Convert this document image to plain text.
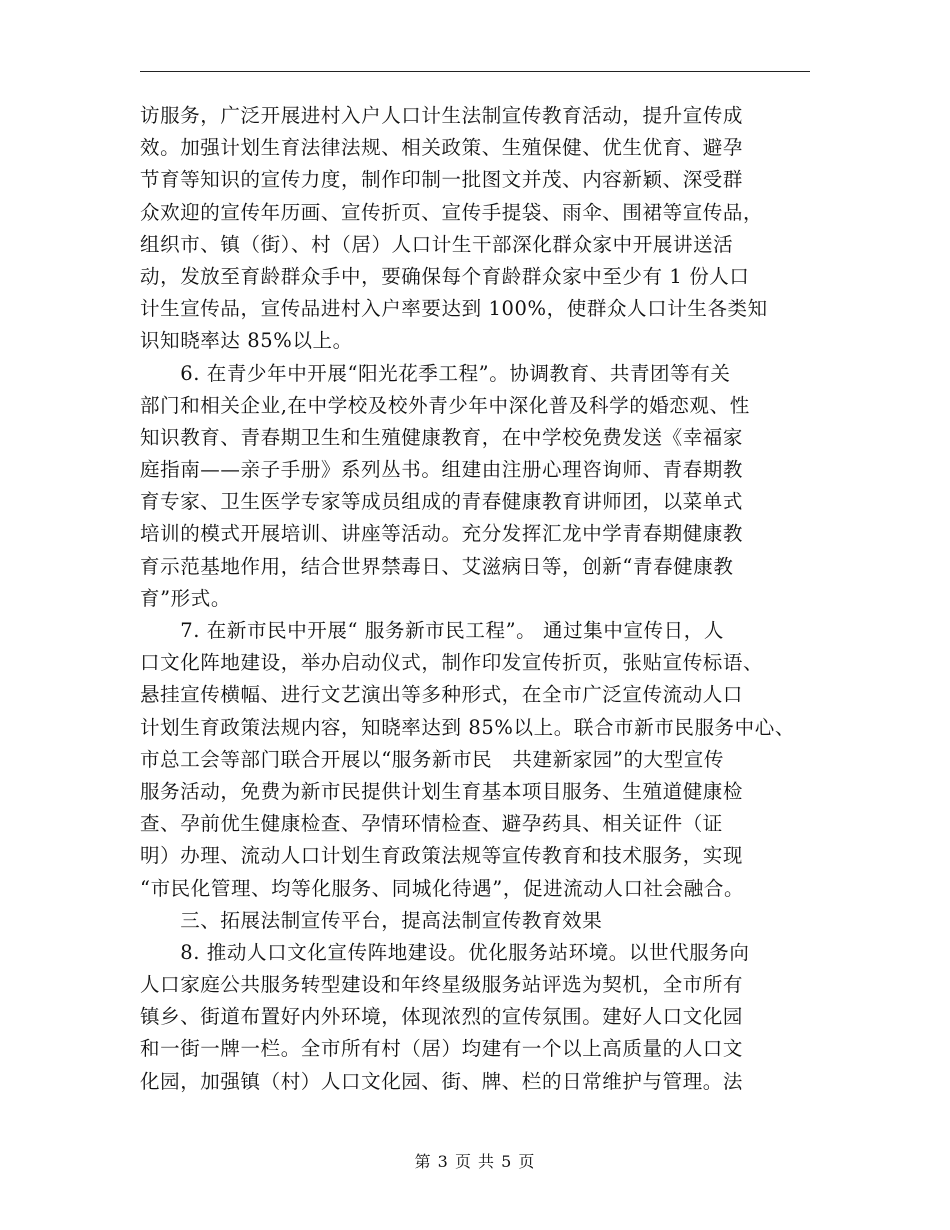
访服务，广泛开展进村入户人口计生法制宣传教育活动，提升宣传成
效。加强计划生育法律法规、相关政策、生殖保健、优生优育、避孕
节育等知识的宣传力度，制作印制一批图文并茂、内容新颖、深受群
众欢迎的宣传年历画、宣传折页、宣传手提袋、雨伞、围裙等宣传品，
组织市、镇（街）、村（居）人口计生干部深化群众家中开展讲送活
动，发放至育龄群众手中，要确保每个育龄群众家中至少有 1 份人口
计生宣传品，宣传品进村入户率要达到 100%，使群众人口计生各类知
识知晓率达 85%以上。
　　6. 在青少年中开展“阳光花季工程”。协调教育、共青团等有关
部门和相关企业,在中学校及校外青少年中深化普及科学的婚恋观、性
知识教育、青春期卫生和生殖健康教育，在中学校免费发送《幸福家
庭指南——亲子手册》系列丛书。组建由注册心理咨询师、青春期教
育专家、卫生医学专家等成员组成的青春健康教育讲师团，以菜单式
培训的模式开展培训、讲座等活动。充分发挥汇龙中学青春期健康教
育示范基地作用，结合世界禁毒日、艾滋病日等，创新“青春健康教
育”形式。
　　7. 在新市民中开展“ 服务新市民工程”。 通过集中宣传日，人
口文化阵地建设，举办启动仪式，制作印发宣传折页，张贴宣传标语、
悬挂宣传横幅、进行文艺演出等多种形式，在全市广泛宣传流动人口
计划生育政策法规内容，知晓率达到 85%以上。联合市新市民服务中心、
市总工会等部门联合开展以“服务新市民　共建新家园”的大型宣传
服务活动，免费为新市民提供计划生育基本项目服务、生殖道健康检
查、孕前优生健康检查、孕情环情检查、避孕药具、相关证件（证
明）办理、流动人口计划生育政策法规等宣传教育和技术服务，实现
“市民化管理、均等化服务、同城化待遇”，促进流动人口社会融合。
　　三、拓展法制宣传平台，提高法制宣传教育效果
　　8. 推动人口文化宣传阵地建设。优化服务站环境。以世代服务向
人口家庭公共服务转型建设和年终星级服务站评选为契机，全市所有
镇乡、街道布置好内外环境，体现浓烈的宣传氛围。建好人口文化园
和一街一牌一栏。全市所有村（居）均建有一个以上高质量的人口文
化园，加强镇（村）人口文化园、街、牌、栏的日常维护与管理。法
第 3 页 共 5 页
